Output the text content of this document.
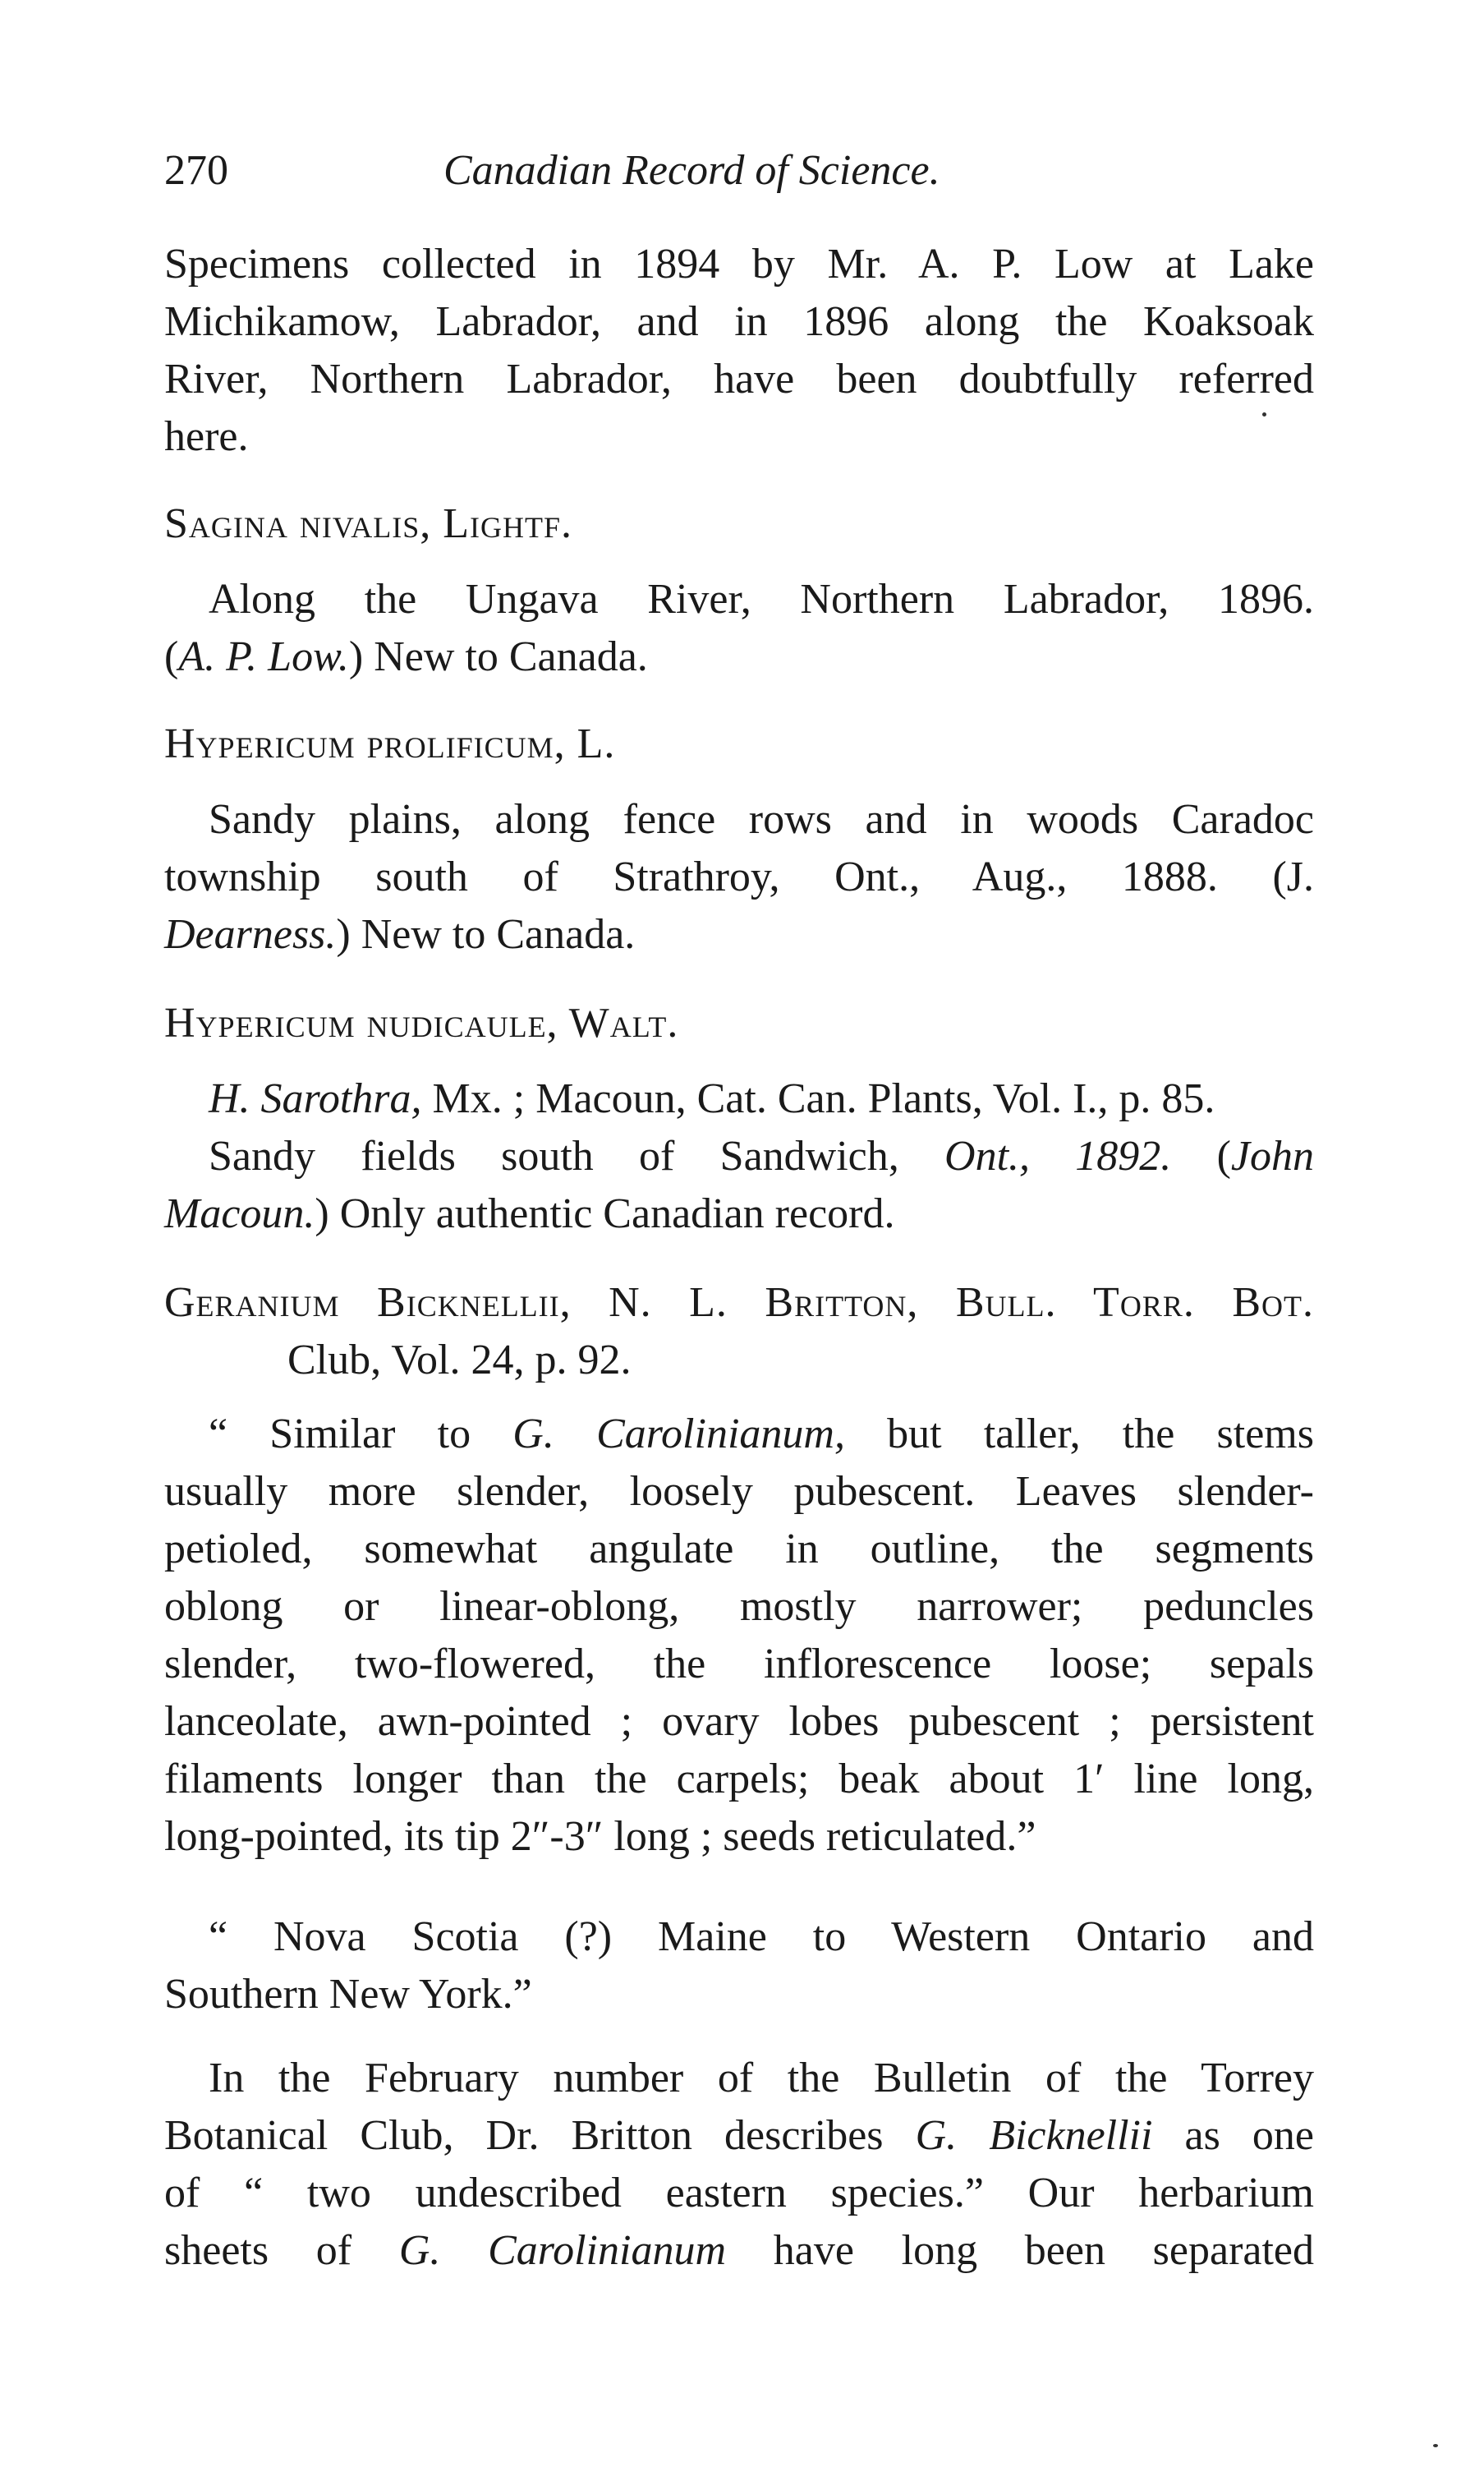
270	Canadian Record of Science.
Specimens collected in 1894 by Mr. A. P. Low at Lake
Michikamow, Labrador, and in 1896 along the Koaksoak
River, Northern Labrador, have been doubtfully referred
here.
Sagina nivalis, Lightf.
Along the Ungava River, Northern Labrador, 1896.
(A. P. Low.) New to Canada.
Hypericum prolificum, L.
Sandy plains, along fence rows and in woods Caradoc
township south of Strathroy, Ont., Aug., 1888. (J.
Dearness.) New to Canada.
Hypericum nudicaule, Walt.
H. Sarothra, Mx. ; Macoun, Cat. Can. Plants, Vol. I., p. 85.
Sandy fields south of Sandwich, Ont., 1892. (John
Macoun.) Only authentic Canadian record.
Geranium Bicknellii, N. L. Britton, Bull. Torr. Bot.
Club, Vol. 24, p. 92.
“ Similar to G. Carolinianum, but taller, the stems
usually more slender, loosely pubescent. Leaves slender-
petioled, somewhat angulate in outline, the segments
oblong or linear-oblong, mostly narrower; peduncles
slender, two-flowered, the inflorescence loose; sepals
lanceolate, awn-pointed ; ovary lobes pubescent ; persistent
filaments longer than the carpels; beak about 1′ line long,
long-pointed, its tip 2″-3″ long ; seeds reticulated.”
“ Nova Scotia (?) Maine to Western Ontario and
Southern New York.”
In the February number of the Bulletin of the Torrey
Botanical Club, Dr. Britton describes G. Bicknellii as one
of “ two undescribed eastern species.” Our herbarium
sheets of G. Carolinianum have long been separated
